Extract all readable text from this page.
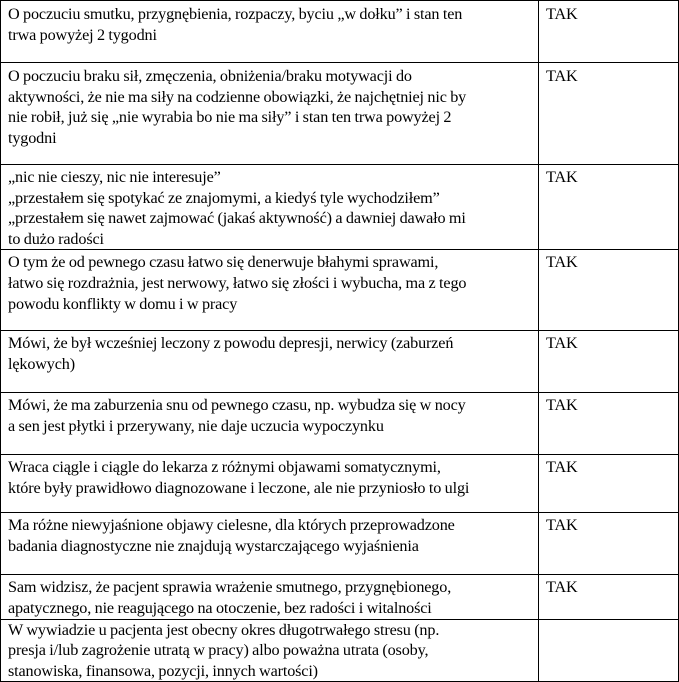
O poczuciu smutku, przygnębienia, rozpaczy, byciu „w dołku” i stan ten
trwa powyżej 2 tygodni	TAK

O poczuciu braku sił, zmęczenia, obniżenia/braku motywacji do
aktywności, że nie ma siły na codzienne obowiązki, że najchętniej nic by
nie robił, już się „nie wyrabia bo nie ma siły” i stan ten trwa powyżej 2
tygodni	TAK

„nic nie cieszy, nic nie interesuje”
„przestałem się spotykać ze znajomymi, a kiedyś tyle wychodziłem”
„przestałem się nawet zajmować (jakaś aktywność) a dawniej dawało mi
to dużo radości	TAK

O tym że od pewnego czasu łatwo się denerwuje błahymi sprawami,
łatwo się rozdrażnia, jest nerwowy, łatwo się złości i wybucha, ma z tego
powodu konflikty w domu i w pracy	TAK

Mówi, że był wcześniej leczony z powodu depresji, nerwicy (zaburzeń
lękowych)	TAK

Mówi, że ma zaburzenia snu od pewnego czasu, np. wybudza się w nocy
a sen jest płytki i przerywany, nie daje uczucia wypoczynku	TAK

Wraca ciągle i ciągle do lekarza z różnymi objawami somatycznymi,
które były prawidłowo diagnozowane i leczone, ale nie przyniosło to ulgi	TAK

Ma różne niewyjaśnione objawy cielesne, dla których przeprowadzone
badania diagnostyczne nie znajdują wystarczającego wyjaśnienia	TAK

Sam widzisz, że pacjent sprawia wrażenie smutnego, przygnębionego,
apatycznego, nie reagującego na otoczenie, bez radości i witalności	TAK

W wywiadzie u pacjenta jest obecny okres długotrwałego stresu (np.
presja i/lub zagrożenie utratą w pracy) albo poważna utrata (osoby,
stanowiska, finansowa, pozycji, innych wartości)	
